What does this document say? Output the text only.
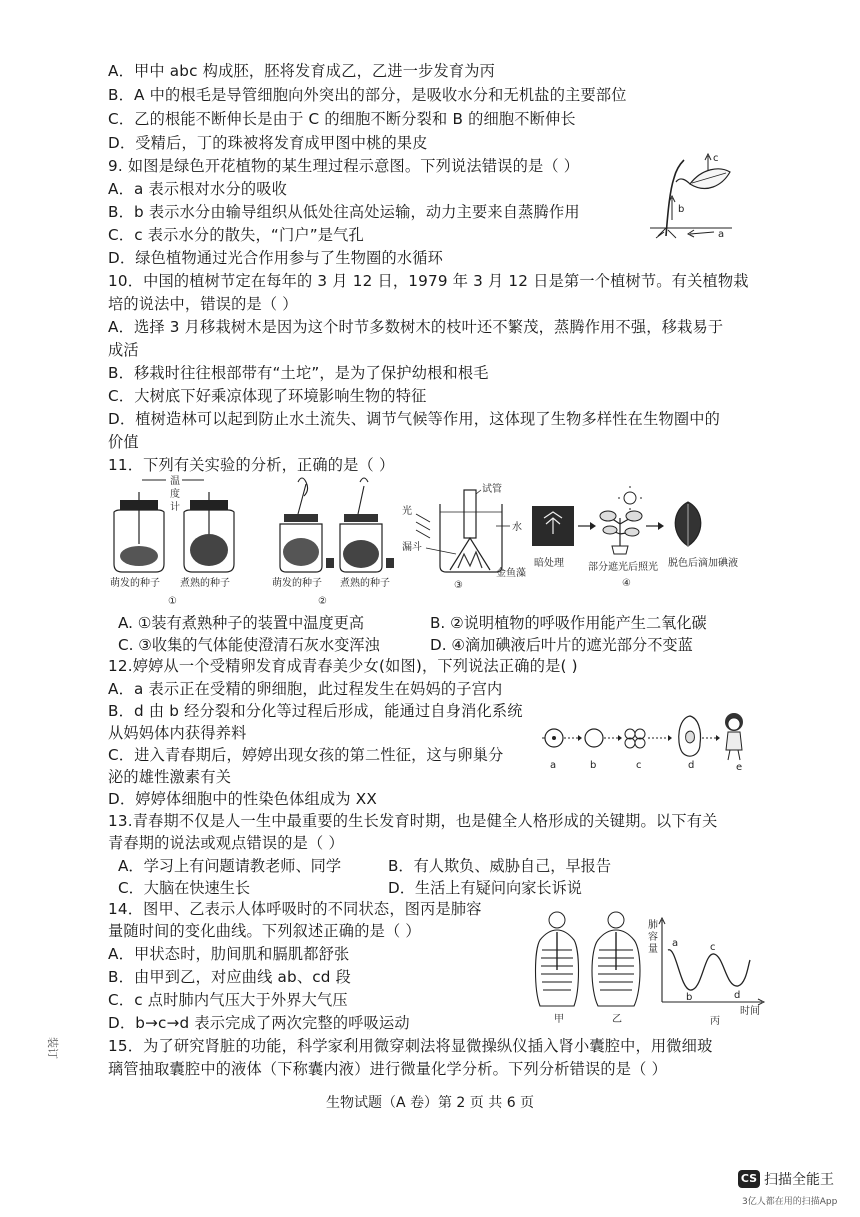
A．甲中 abc 构成胚，胚将发育成乙，乙进一步发育为丙
B．A 中的根毛是导管细胞向外突出的部分，是吸收水分和无机盐的主要部位
C．乙的根能不断伸长是由于 C 的细胞不断分裂和 B 的细胞不断伸长
D．受精后，丁的珠被将发育成甲图中桃的果皮
9. 如图是绿色开花植物的某生理过程示意图。下列说法错误的是（ ）
A．a 表示根对水分的吸收
B．b 表示水分由输导组织从低处往高处运输，动力主要来自蒸腾作用
C．c 表示水分的散失，“门户”是气孔
D．绿色植物通过光合作用参与了生物圈的水循环
c
b
a
10．中国的植树节定在每年的 3 月 12 日，1979 年 3 月 12 日是第一个植树节。有关植物栽
培的说法中，错误的是（ ）
A．选择 3 月移栽树木是因为这个时节多数树木的枝叶还不繁茂，蒸腾作用不强，移栽易于
成活
B．移栽时往往根部带有“土坨”，是为了保护幼根和根毛
C．大树底下好乘凉体现了环境影响生物的特征
D．植树造林可以起到防止水土流失、调节气候等作用，这体现了生物多样性在生物圈中的
价值
11．下列有关实验的分析，正确的是（ ）
温
度
计
萌发的种子 煮熟的种子
①
萌发的种子 煮熟的种子
②
光
试管
水
漏斗
金鱼藻
③
暗处理 部分遮光后照光 脱色后滴加碘液
④
A. ①装有煮熟种子的装置中温度更高	B. ②说明植物的呼吸作用能产生二氧化碳
C. ③收集的气体能使澄清石灰水变浑浊	D. ④滴加碘液后叶片的遮光部分不变蓝
12.婷婷从一个受精卵发育成青春美少女(如图)，下列说法正确的是( )
A．a 表示正在受精的卵细胞，此过程发生在妈妈的子宫内
B．d 由 b 经分裂和分化等过程后形成，能通过自身消化系统
从妈妈体内获得养料
C．进入青春期后，婷婷出现女孩的第二性征，这与卵巢分
泌的雄性激素有关
D．婷婷体细胞中的性染色体组成为 XX
a	b	c	d	e
13.青春期不仅是人一生中最重要的生长发育时期，也是健全人格形成的关键期。以下有关
青春期的说法或观点错误的是（ ）
A．学习上有问题请教老师、同学	B．有人欺负、威胁自己，早报告
C．大脑在快速生长	D．生活上有疑问向家长诉说
14．图甲、乙表示人体呼吸时的不同状态，图丙是肺容
量随时间的变化曲线。下列叙述正确的是（ ）
A．甲状态时，肋间肌和膈肌都舒张
B．由甲到乙，对应曲线 ab、cd 段
C．c 点时肺内气压大于外界大气压
D．b→c→d 表示完成了两次完整的呼吸运动	甲	乙
肺
容
量
a
b
c
d
时间
丙
15．为了研究肾脏的功能，科学家利用微穿刺法将显微操纵仪插入肾小囊腔中，用微细玻
璃管抽取囊腔中的液体（下称囊内液）进行微量化学分析。下列分析错误的是（ ）
装订
生物试题（A 卷）第 2 页 共 6 页
CS 扫描全能王
3亿人都在用的扫描App
